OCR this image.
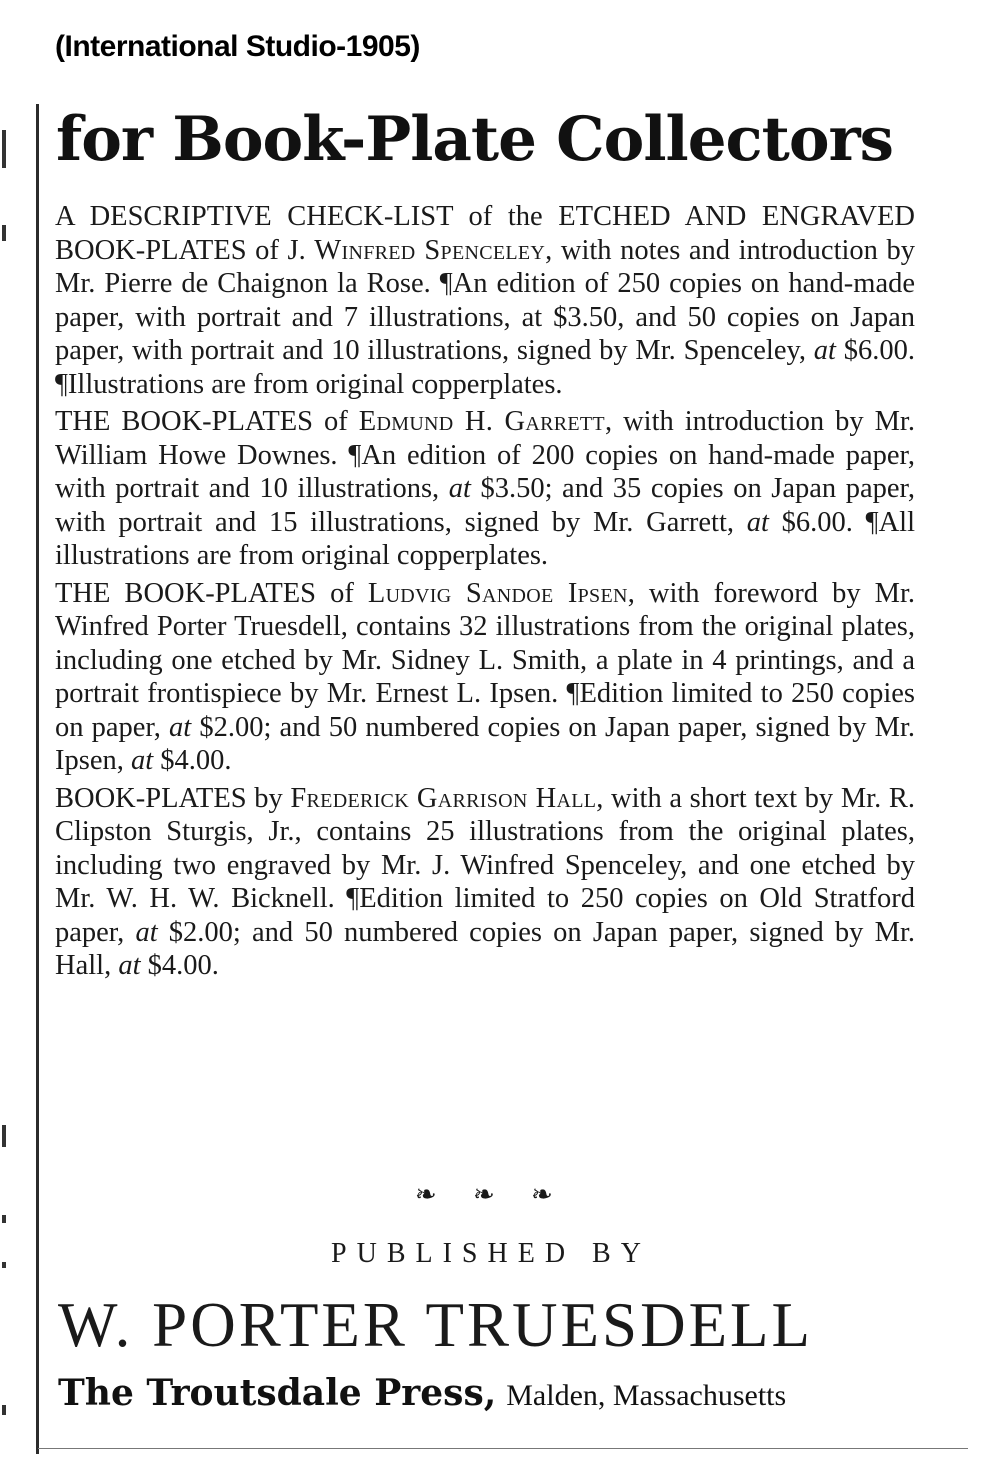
(International Studio-1905)
for Book-Plate Collectors

A DESCRIPTIVE CHECK-LIST of the ETCHED AND ENGRAVED BOOK-PLATES of J. Winfred Spenceley, with notes and introduction by Mr. Pierre de Chaignon la Rose. ¶An edition of 250 copies on hand-made paper, with portrait and 7 illustrations, at $3.50, and 50 copies on Japan paper, with portrait and 10 illustrations, signed by Mr. Spenceley, at $6.00. ¶Illustrations are from original copperplates.

THE BOOK-PLATES of Edmund H. Garrett, with introduction by Mr. William Howe Downes. ¶An edition of 200 copies on hand-made paper, with portrait and 10 illustrations, at $3.50; and 35 copies on Japan paper, with portrait and 15 illustrations, signed by Mr. Garrett, at $6.00. ¶All illustrations are from original copperplates.

THE BOOK-PLATES of Ludvig Sandoe Ipsen, with foreword by Mr. Winfred Porter Truesdell, contains 32 illustrations from the original plates, including one etched by Mr. Sidney L. Smith, a plate in 4 printings, and a portrait frontispiece by Mr. Ernest L. Ipsen. ¶Edition limited to 250 copies on paper, at $2.00; and 50 numbered copies on Japan paper, signed by Mr. Ipsen, at $4.00.

BOOK-PLATES by Frederick Garrison Hall, with a short text by Mr. R. Clipston Sturgis, Jr., contains 25 illustrations from the original plates, including two engraved by Mr. J. Winfred Spenceley, and one etched by Mr. W. H. W. Bicknell. ¶Edition limited to 250 copies on Old Stratford paper, at $2.00; and 50 numbered copies on Japan paper, signed by Mr. Hall, at $4.00.

❧ ❧ ❧
PUBLISHED BY
W. PORTER TRUESDELL
The Troutsdale Press, Malden, Massachusetts
